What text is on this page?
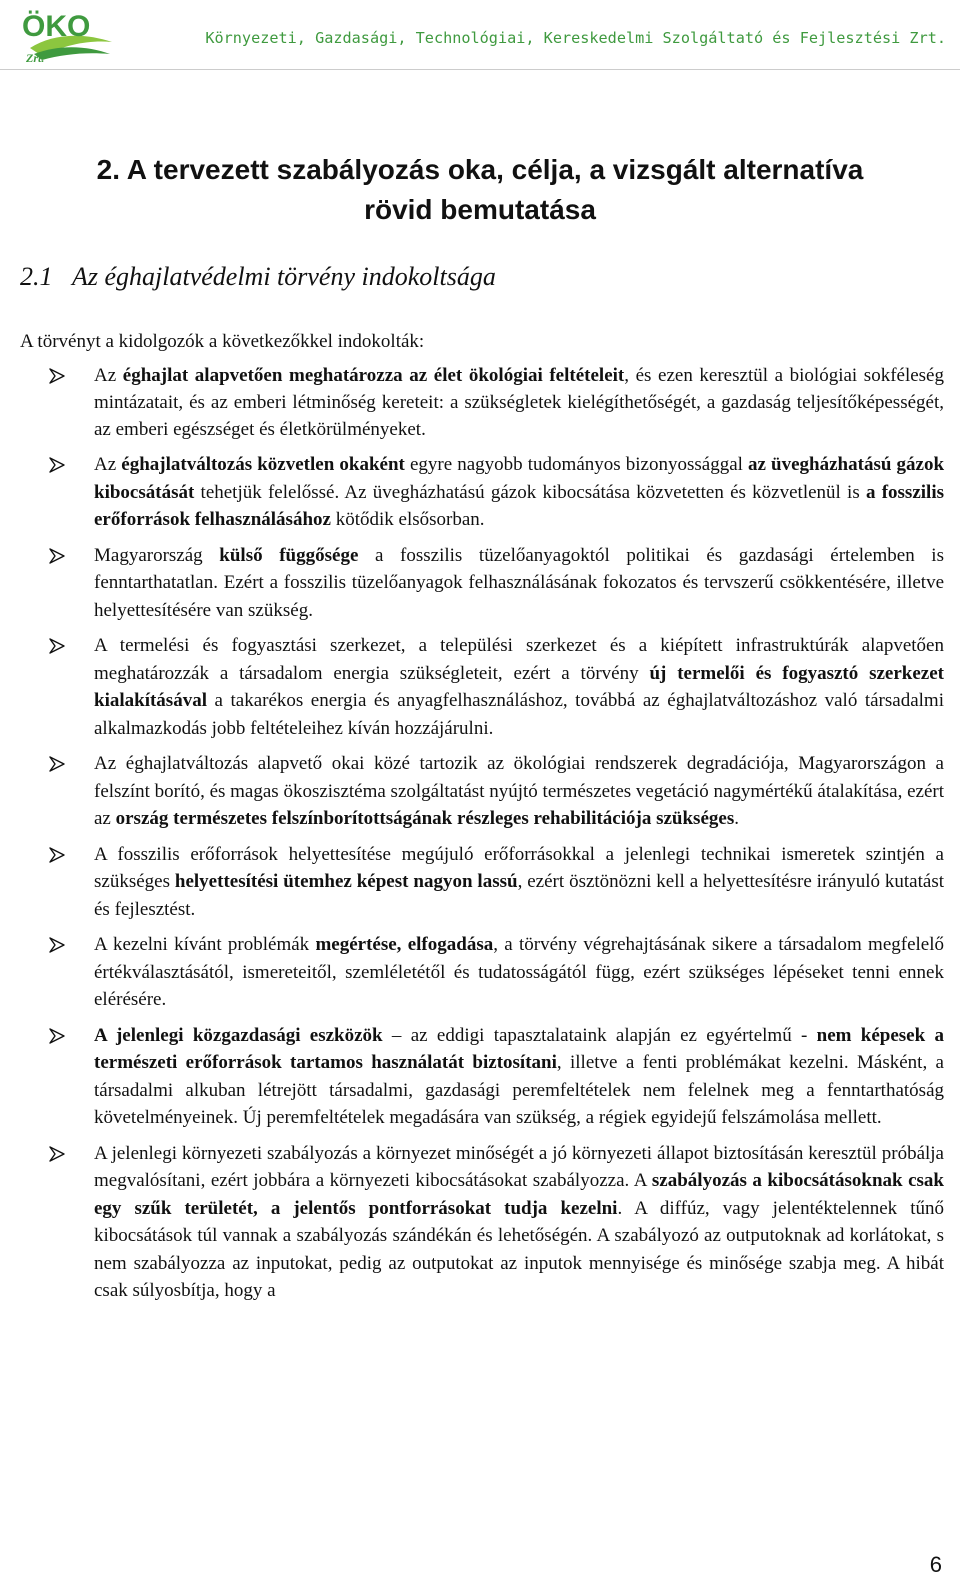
ÖKO
Zrt.
Környezeti, Gazdasági, Technológiai, Kereskedelmi Szolgáltató és Fejlesztési Zrt.
2. A tervezett szabályozás oka, célja, a vizsgált alternatíva
rövid bemutatása
2.1 Az éghajlatvédelmi törvény indokoltsága
A törvényt a kidolgozók a következőkkel indokolták:
Az éghajlat alapvetően meghatározza az élet ökológiai feltételeit, és ezen keresztül a biológiai sokféleség mintázatait, és az emberi létminőség kereteit: a szükségletek kielégíthetőségét, a gazdaság teljesítőképességét, az emberi egészséget és életkörülményeket.
Az éghajlatváltozás közvetlen okaként egyre nagyobb tudományos bizonyossággal az üvegházhatású gázok kibocsátását tehetjük felelőssé. Az üvegházhatású gázok kibocsátása közvetetten és közvetlenül is a fosszilis erőforrások felhasználásához kötődik elsősorban.
Magyarország külső függősége a fosszilis tüzelőanyagoktól politikai és gazdasági értelemben is fenntarthatatlan. Ezért a fosszilis tüzelőanyagok felhasználásának fokozatos és tervszerű csökkentésére, illetve helyettesítésére van szükség.
A termelési és fogyasztási szerkezet, a települési szerkezet és a kiépített infrastruktúrák alapvetően meghatározzák a társadalom energia szükségleteit, ezért a törvény új termelői és fogyasztó szerkezet kialakításával a takarékos energia és anyagfelhasználáshoz, továbbá az éghajlatváltozáshoz való társadalmi alkalmazkodás jobb feltételeihez kíván hozzájárulni.
Az éghajlatváltozás alapvető okai közé tartozik az ökológiai rendszerek degradációja, Magyarországon a felszínt borító, és magas ökoszisztéma szolgáltatást nyújtó természetes vegetáció nagymértékű átalakítása, ezért az ország természetes felszínborítottságának részleges rehabilitációja szükséges.
A fosszilis erőforrások helyettesítése megújuló erőforrásokkal a jelenlegi technikai ismeretek szintjén a szükséges helyettesítési ütemhez képest nagyon lassú, ezért ösztönözni kell a helyettesítésre irányuló kutatást és fejlesztést.
A kezelni kívánt problémák megértése, elfogadása, a törvény végrehajtásának sikere a társadalom megfelelő értékválasztásától, ismereteitől, szemléletétől és tudatosságától függ, ezért szükséges lépéseket tenni ennek elérésére.
A jelenlegi közgazdasági eszközök – az eddigi tapasztalataink alapján ez egyértelmű - nem képesek a természeti erőforrások tartamos használatát biztosítani, illetve a fenti problémákat kezelni. Másként, a társadalmi alkuban létrejött társadalmi, gazdasági peremfeltételek nem felelnek meg a fenntarthatóság követelményeinek. Új peremfeltételek megadására van szükség, a régiek egyidejű felszámolása mellett.
A jelenlegi környezeti szabályozás a környezet minőségét a jó környezeti állapot biztosításán keresztül próbálja megvalósítani, ezért jobbára a környezeti kibocsátásokat szabályozza. A szabályozás a kibocsátásoknak csak egy szűk területét, a jelentős pontforrásokat tudja kezelni. A diffúz, vagy jelentéktelennek tűnő kibocsátások túl vannak a szabályozás szándékán és lehetőségén. A szabályozó az outputoknak ad korlátokat, s nem szabályozza az inputokat, pedig az outputokat az inputok mennyisége és minősége szabja meg. A hibát csak súlyosbítja, hogy a
6
